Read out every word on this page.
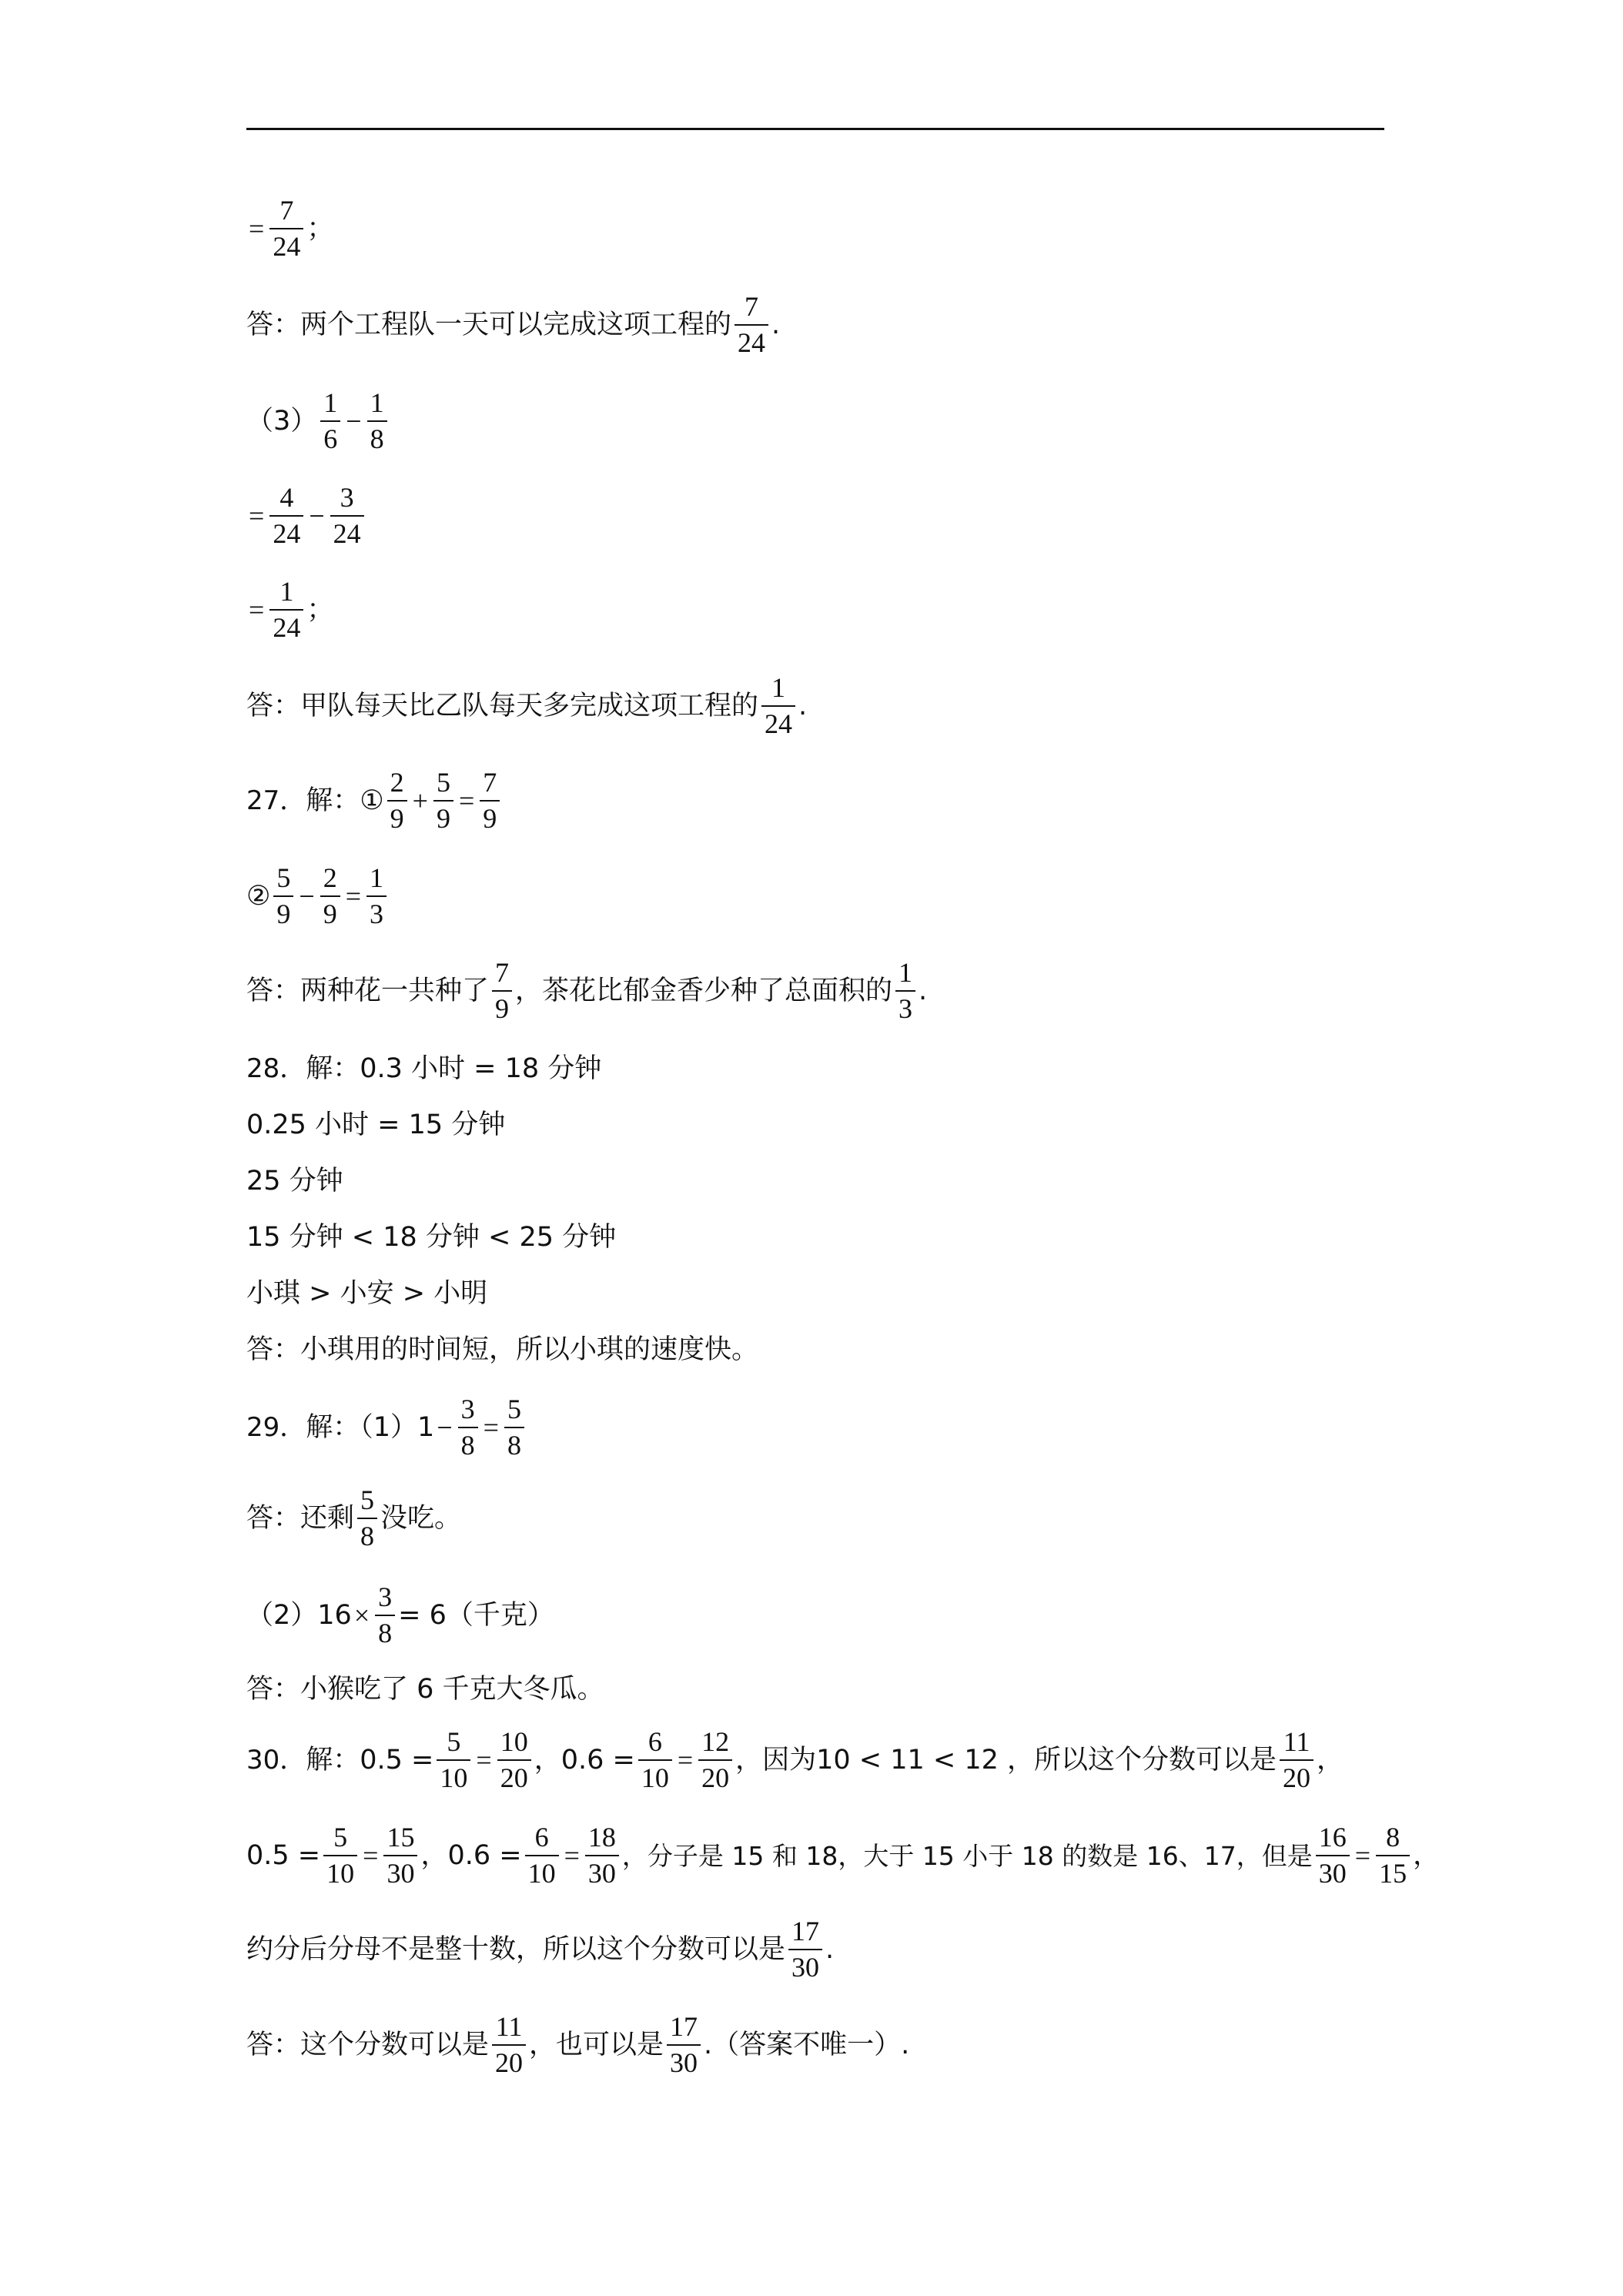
= $\frac{7}{24}$ ；
答：两个工程队一天可以完成这项工程的 $\frac{7}{24}$ .
$(3) \frac{1}{6} - \frac{1}{8}$
= $\frac{4}{24} - \frac{3}{24}$
= $\frac{1}{24}$ ；
答：甲队每天比乙队每天多完成这项工程的 $\frac{1}{24}$ .
27． 解：① $\frac{2}{9} + \frac{5}{9} = \frac{7}{9}$
② $\frac{5}{9} - \frac{2}{9} = \frac{1}{3}$
答：两种花一共种了 $\frac{7}{9}$ ，茶花比郁金香少种了总面积的 $\frac{1}{3}$ .
28． 解：0.3 小时 = 18 分钟
0.25 小时 = 15 分钟
25 分钟
15 分钟 < 18 分钟 < 25 分钟
小琪 > 小安 > 小明
答：小琪用的时间短，所以小琪的速度快。
29． 解：$(1)1 - \frac{3}{8} = \frac{5}{8}$
答：还剩 $\frac{5}{8}$ 没吃。
$(2)16 \times \frac{3}{8} = 6$（千克）
答：小猴吃了 6 千克大冬瓜。
30． 解：$0.5 = \frac{5}{10} = \frac{10}{20}$ ，$0.6 = \frac{6}{10} = \frac{12}{20}$ ，因为10 < 11 < 12 ，所以这个分数可以是 $\frac{11}{20}$ ，
$0.5 = \frac{5}{10} = \frac{15}{30}$ ，$0.6 = \frac{6}{10} = \frac{18}{30}$ ，分子是 15 和 18，大于 15 小于 18 的数是 16、17，但是 $\frac{16}{30} = \frac{8}{15}$ ，
约分后分母不是整十数，所以这个分数可以是 $\frac{17}{30}$ .
答：这个分数可以是 $\frac{11}{20}$ ，也可以是 $\frac{17}{30}$ .（答案不唯一）.
